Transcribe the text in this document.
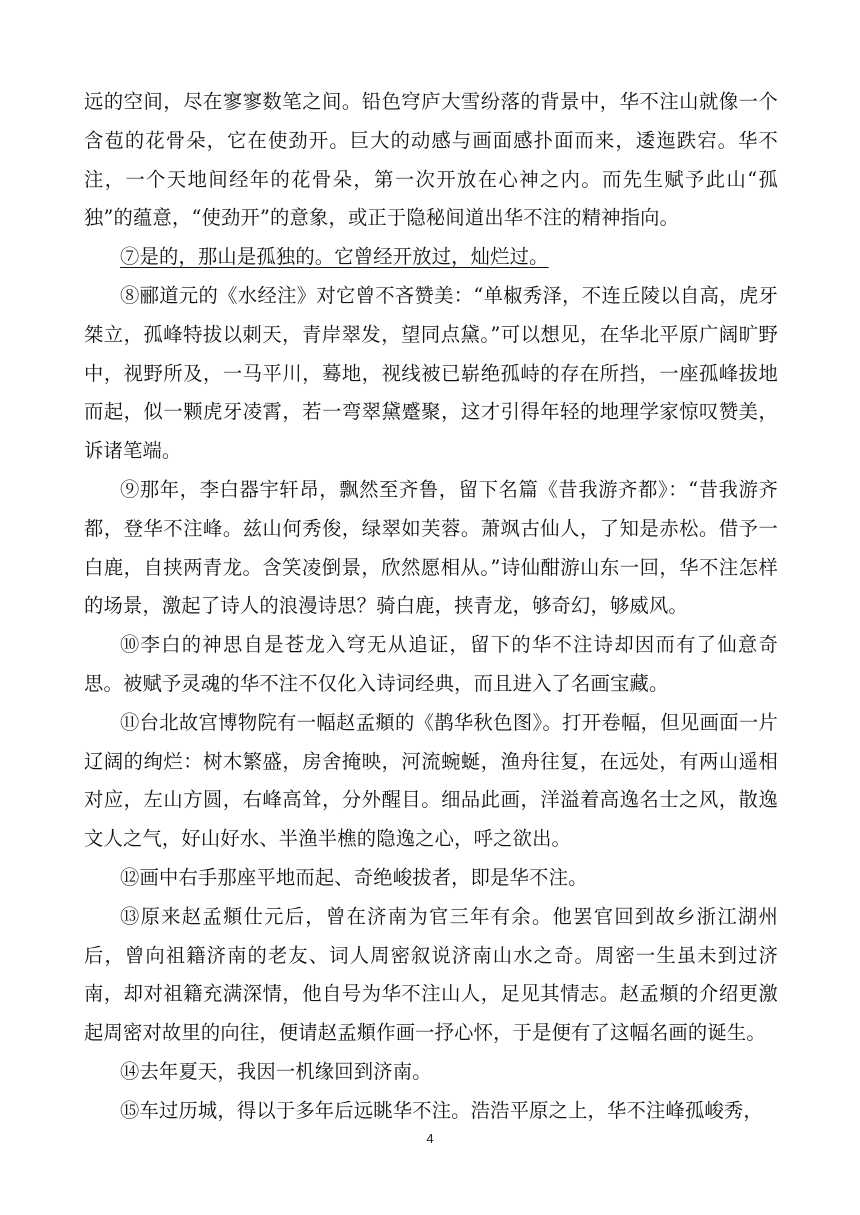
远的空间，尽在寥寥数笔之间。铅色穹庐大雪纷落的背景中，华不注山就像一个含苞的花骨朵，它在使劲开。巨大的动感与画面感扑面而来，逶迤跌宕。华不注，一个天地间经年的花骨朵，第一次开放在心神之内。而先生赋予此山“孤独”的蕴意，“使劲开”的意象，或正于隐秘间道出华不注的精神指向。

⑦是的，那山是孤独的。它曾经开放过，灿烂过。

⑧郦道元的《水经注》对它曾不吝赞美：“单椒秀泽，不连丘陵以自高，虎牙桀立，孤峰特拔以刺天，青岸翠发，望同点黛。”可以想见，在华北平原广阔旷野中，视野所及，一马平川，蓦地，视线被已崭绝孤峙的存在所挡，一座孤峰拔地而起，似一颗虎牙凌霄，若一弯翠黛蹙聚，这才引得年轻的地理学家惊叹赞美，诉诸笔端。

⑨那年，李白器宇轩昂，飘然至齐鲁，留下名篇《昔我游齐都》：“昔我游齐都，登华不注峰。兹山何秀俊，绿翠如芙蓉。萧飒古仙人，了知是赤松。借予一白鹿，自挟两青龙。含笑凌倒景，欣然愿相从。”诗仙酣游山东一回，华不注怎样的场景，激起了诗人的浪漫诗思？骑白鹿，挟青龙，够奇幻，够威风。

⑩李白的神思自是苍龙入穹无从追证，留下的华不注诗却因而有了仙意奇思。被赋予灵魂的华不注不仅化入诗词经典，而且进入了名画宝藏。

⑪台北故宫博物院有一幅赵孟頫的《鹊华秋色图》。打开卷幅，但见画面一片辽阔的绚烂：树木繁盛，房舍掩映，河流蜿蜒，渔舟往复，在远处，有两山遥相对应，左山方圆，右峰高耸，分外醒目。细品此画，洋溢着高逸名士之风，散逸文人之气，好山好水、半渔半樵的隐逸之心，呼之欲出。

⑫画中右手那座平地而起、奇绝峻拔者，即是华不注。

⑬原来赵孟頫仕元后，曾在济南为官三年有余。他罢官回到故乡浙江湖州后，曾向祖籍济南的老友、词人周密叙说济南山水之奇。周密一生虽未到过济南，却对祖籍充满深情，他自号为华不注山人，足见其情志。赵孟頫的介绍更激起周密对故里的向往，便请赵孟頫作画一抒心怀，于是便有了这幅名画的诞生。

⑭去年夏天，我因一机缘回到济南。

⑮车过历城，得以于多年后远眺华不注。浩浩平原之上，华不注峰孤峻秀，

4
